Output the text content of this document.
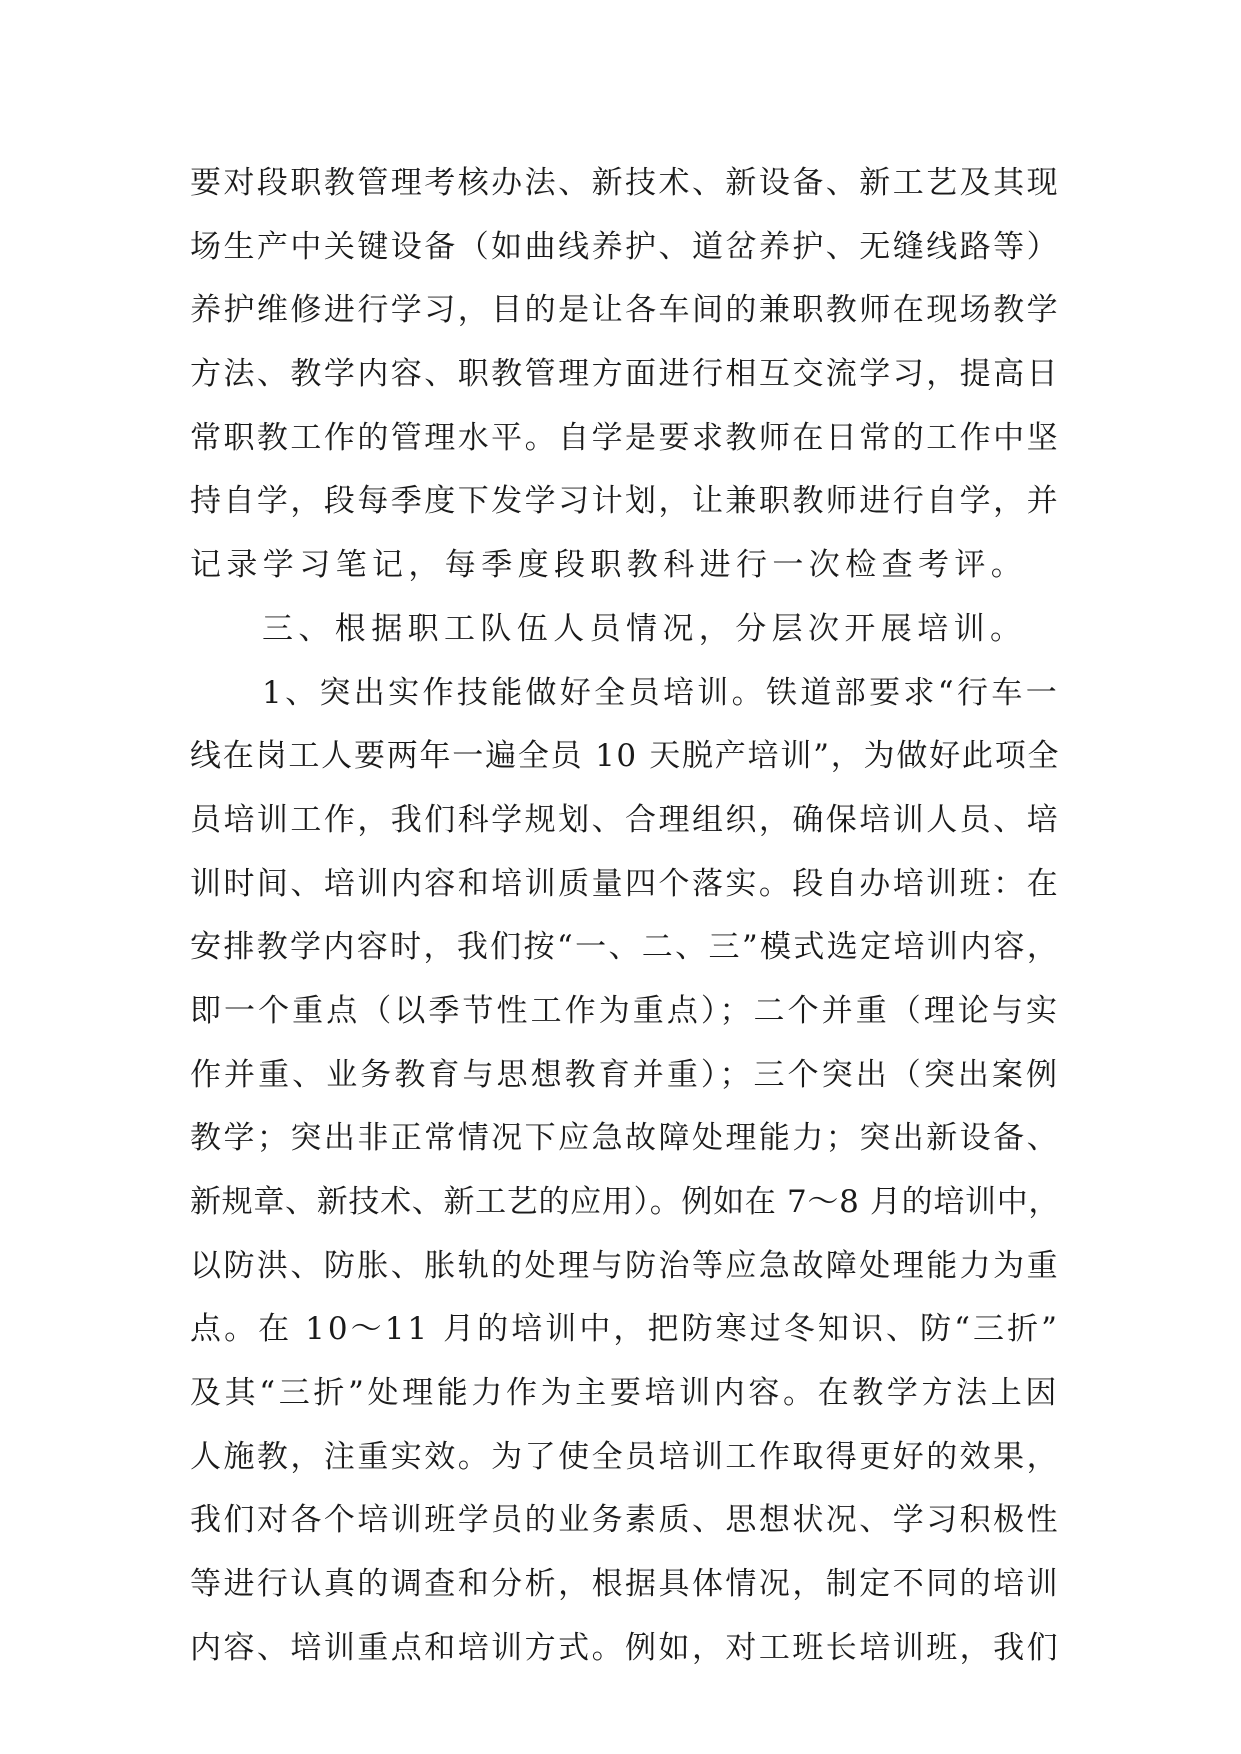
要对段职教管理考核办法、新技术、新设备、新工艺及其现
场生产中关键设备（如曲线养护、道岔养护、无缝线路等）
养护维修进行学习，目的是让各车间的兼职教师在现场教学
方法、教学内容、职教管理方面进行相互交流学习，提高日
常职教工作的管理水平。自学是要求教师在日常的工作中坚
持自学，段每季度下发学习计划，让兼职教师进行自学，并
记录学习笔记，每季度段职教科进行一次检查考评。
三、根据职工队伍人员情况，分层次开展培训。
1、突出实作技能做好全员培训。铁道部要求“行车一
线在岗工人要两年一遍全员 10 天脱产培训”，为做好此项全
员培训工作，我们科学规划、合理组织，确保培训人员、培
训时间、培训内容和培训质量四个落实。段自办培训班：在
安排教学内容时，我们按“一、二、三”模式选定培训内容，
即一个重点（以季节性工作为重点）；二个并重（理论与实
作并重、业务教育与思想教育并重）；三个突出（突出案例
教学；突出非正常情况下应急故障处理能力；突出新设备、
新规章、新技术、新工艺的应用）。例如在 7～8 月的培训中，
以防洪、防胀、胀轨的处理与防治等应急故障处理能力为重
点。在 10～11 月的培训中，把防寒过冬知识、防“三折”
及其“三折”处理能力作为主要培训内容。在教学方法上因
人施教，注重实效。为了使全员培训工作取得更好的效果，
我们对各个培训班学员的业务素质、思想状况、学习积极性
等进行认真的调查和分析，根据具体情况，制定不同的培训
内容、培训重点和培训方式。例如，对工班长培训班，我们
